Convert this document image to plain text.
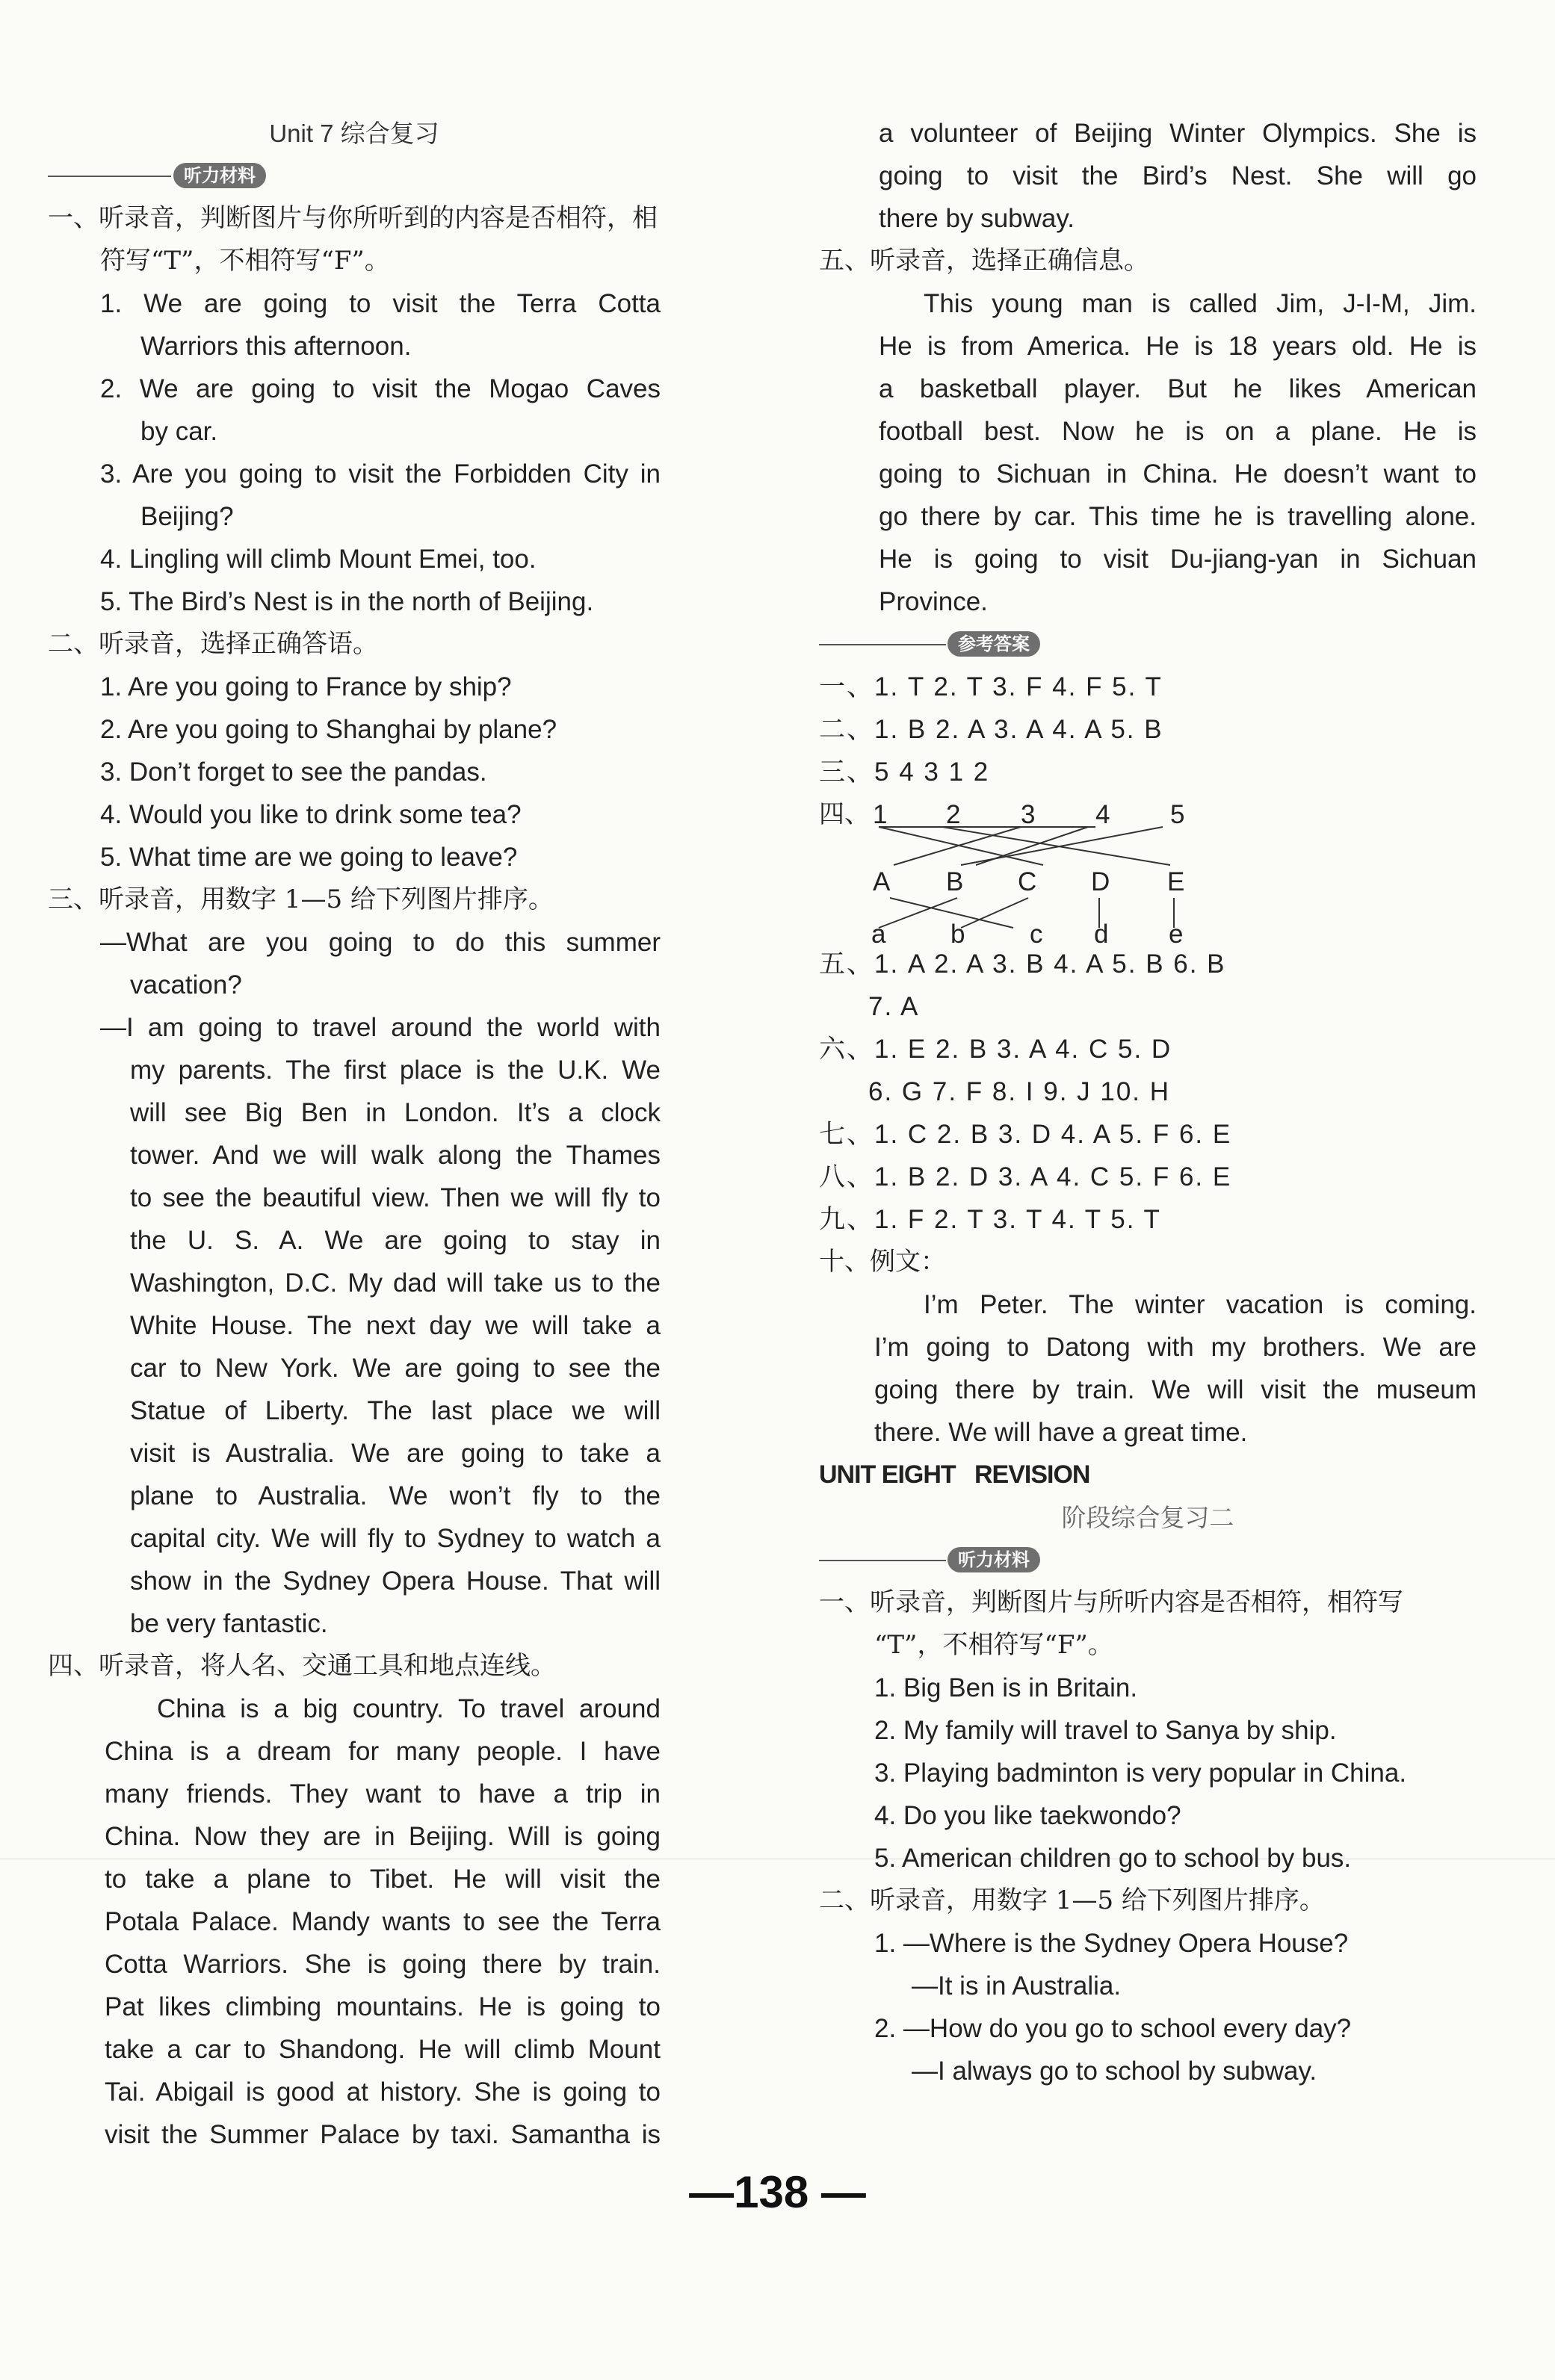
Unit 7 综合复习
听力材料
一、听录音，判断图片与你所听到的内容是否相符，相
符写“T”，不相符写“F”。
1. We are going to visit the Terra Cotta
Warriors this afternoon.
2. We are going to visit the Mogao Caves
by car.
3. Are you going to visit the Forbidden City in
Beijing?
4. Lingling will climb Mount Emei, too.
5. The Bird’s Nest is in the north of Beijing.
二、听录音，选择正确答语。
1. Are you going to France by ship?
2. Are you going to Shanghai by plane?
3. Don’t forget to see the pandas.
4. Would you like to drink some tea?
5. What time are we going to leave?
三、听录音，用数字 1—5 给下列图片排序。
—What are you going to do this summer
vacation?
—I am going to travel around the world with
my parents. The first place is the U.K. We
will see Big Ben in London. It’s a clock
tower. And we will walk along the Thames
to see the beautiful view. Then we will fly to
the U. S. A. We are going to stay in
Washington, D.C. My dad will take us to the
White House. The next day we will take a
car to New York. We are going to see the
Statue of Liberty. The last place we will
visit is Australia. We are going to take a
plane to Australia. We won’t fly to the
capital city. We will fly to Sydney to watch a
show in the Sydney Opera House. That will
be very fantastic.
四、听录音，将人名、交通工具和地点连线。
China is a big country. To travel around
China is a dream for many people. I have
many friends. They want to have a trip in
China. Now they are in Beijing. Will is going
to take a plane to Tibet. He will visit the
Potala Palace. Mandy wants to see the Terra
Cotta Warriors. She is going there by train.
Pat likes climbing mountains. He is going to
take a car to Shandong. He will climb Mount
Tai. Abigail is good at history. She is going to
visit the Summer Palace by taxi. Samantha is
a volunteer of Beijing Winter Olympics. She is
going to visit the Bird’s Nest. She will go
there by subway.
五、听录音，选择正确信息。
This young man is called Jim, J-I-M, Jim.
He is from America. He is 18 years old. He is
a basketball player. But he likes American
football best. Now he is on a plane. He is
going to Sichuan in China. He doesn’t want to
go there by car. This time he is travelling alone.
He is going to visit Du-jiang-yan in Sichuan
Province.
参考答案
一、1. T 2. T 3. F 4. F 5. T
二、1. B 2. A 3. A 4. A 5. B
三、5 4 3 1 2
四、 1 2 3 4 5
A B C D E
a b c d e
五、1. A 2. A 3. B 4. A 5. B 6. B
7. A
六、1. E 2. B 3. A 4. C 5. D
6. G 7. F 8. I 9. J 10. H
七、1. C 2. B 3. D 4. A 5. F 6. E
八、1. B 2. D 3. A 4. C 5. F 6. E
九、1. F 2. T 3. T 4. T 5. T
十、例文：
I’m Peter. The winter vacation is coming.
I’m going to Datong with my brothers. We are
going there by train. We will visit the museum
there. We will have a great time.
UNIT EIGHT   REVISION
阶段综合复习二
听力材料
一、听录音，判断图片与所听内容是否相符，相符写
“T”，不相符写“F”。
1. Big Ben is in Britain.
2. My family will travel to Sanya by ship.
3. Playing badminton is very popular in China.
4. Do you like taekwondo?
5. American children go to school by bus.
二、听录音，用数字 1—5 给下列图片排序。
1. —Where is the Sydney Opera House?
—It is in Australia.
2. —How do you go to school every day?
—I always go to school by subway.
—138 —
